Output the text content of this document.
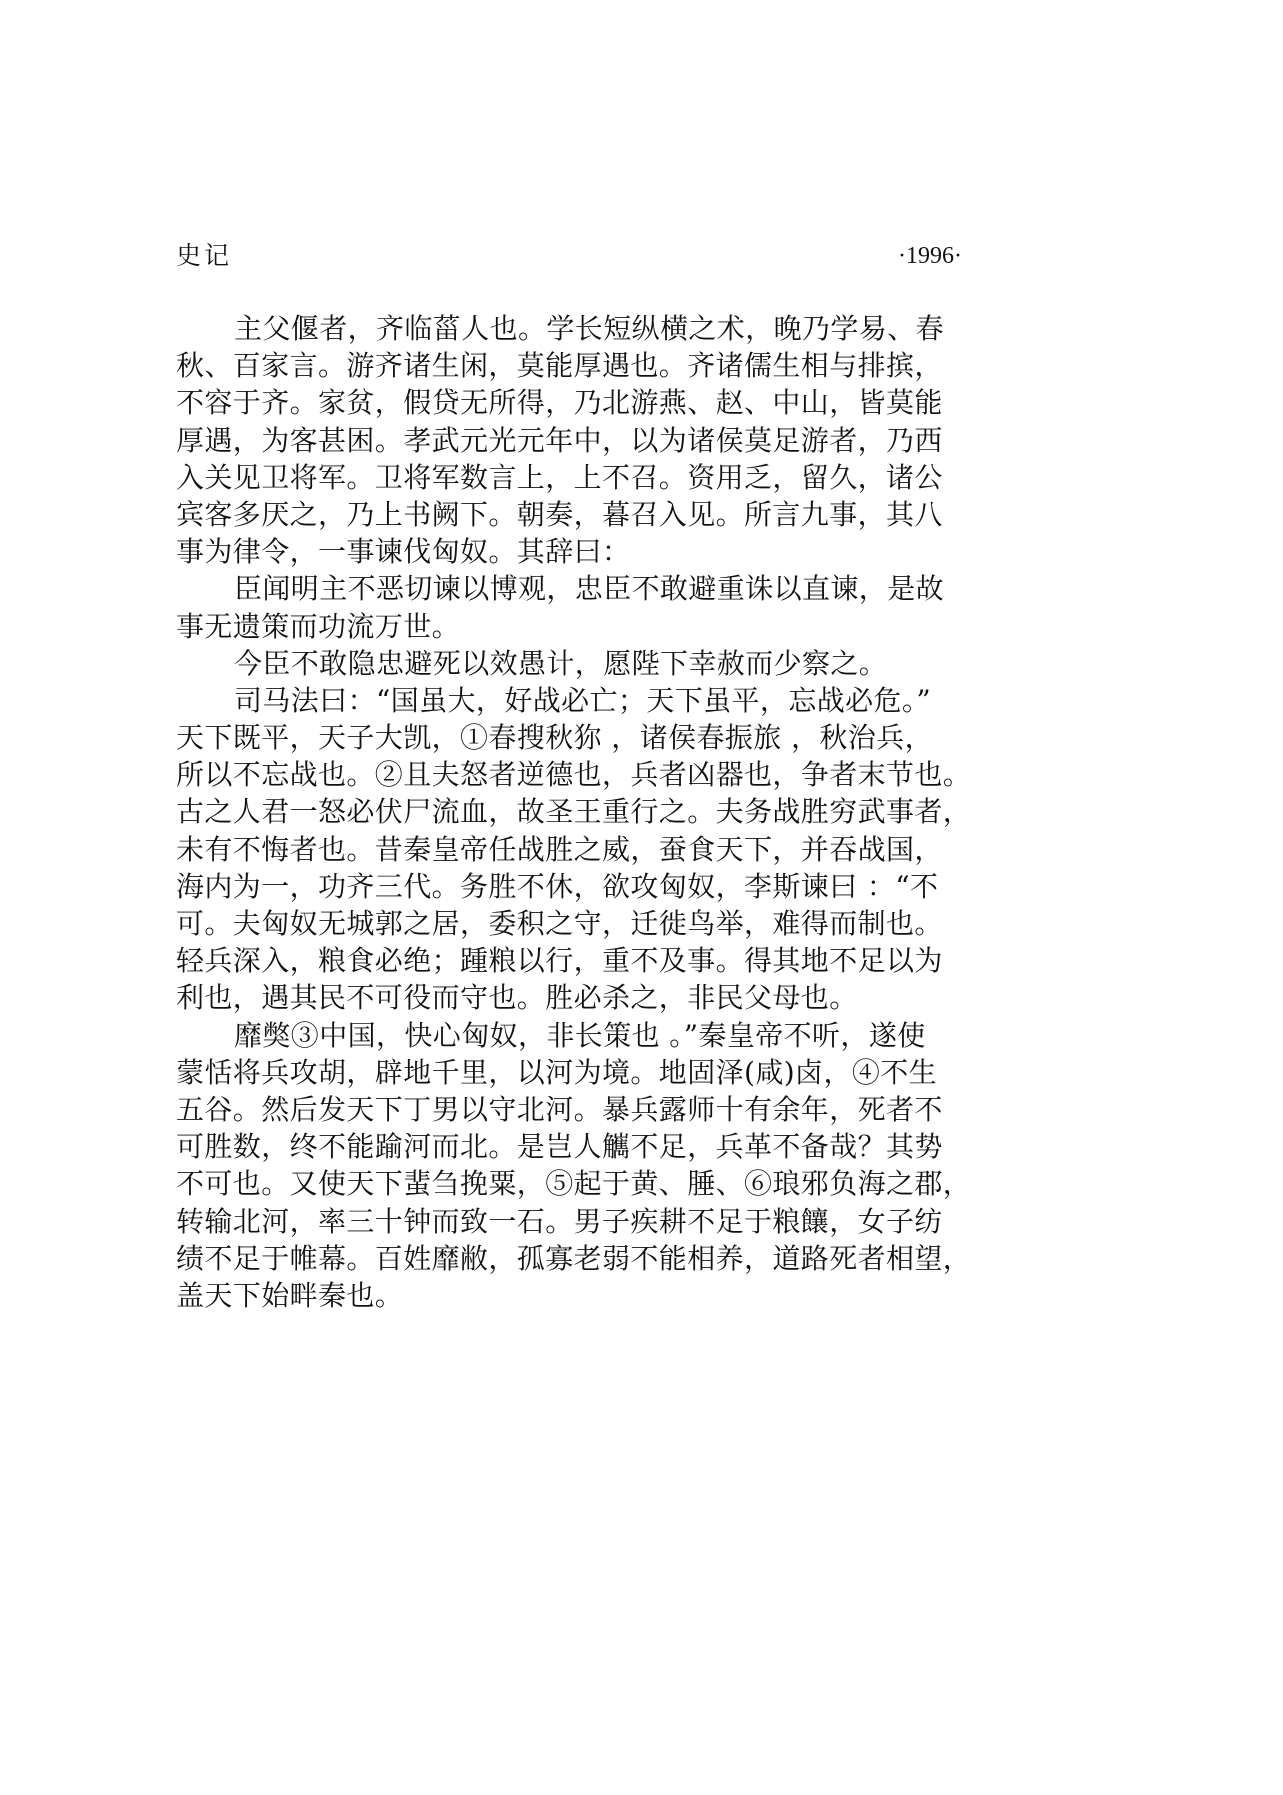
史记	·1996·
主父偃者，齐临菑人也。学长短纵横之术，晚乃学易、春
秋、百家言。游齐诸生闲，莫能厚遇也。齐诸儒生相与排摈，
不容于齐。家贫，假贷无所得，乃北游燕、赵、中山，皆莫能
厚遇，为客甚困。孝武元光元年中，以为诸侯莫足游者，乃西
入关见卫将军。卫将军数言上，上不召。资用乏，留久，诸公
宾客多厌之，乃上书阙下。朝奏，暮召入见。所言九事，其八
事为律令，一事谏伐匈奴。其辞曰：
臣闻明主不恶切谏以博观，忠臣不敢避重诛以直谏，是故
事无遗策而功流万世。
今臣不敢隐忠避死以效愚计，愿陛下幸赦而少察之。
司马法曰：“国虽大，好战必亡；天下虽平，忘战必危。”
天下既平，天子大凯，①春搜秋狝 ，诸侯春振旅 ，秋治兵，
所以不忘战也。②且夫怒者逆德也，兵者凶器也，争者末节也。
古之人君一怒必伏尸流血，故圣王重行之。夫务战胜穷武事者，
未有不悔者也。昔秦皇帝任战胜之威，蚕食天下，并吞战国，
海内为一，功齐三代。务胜不休，欲攻匈奴，李斯谏曰 ：“不
可。夫匈奴无城郭之居，委积之守，迁徙鸟举，难得而制也。
轻兵深入，粮食必绝；踵粮以行，重不及事。得其地不足以为
利也，遇其民不可役而守也。胜必杀之，非民父母也。
靡獘③中国，快心匈奴，非长策也 。”秦皇帝不听，遂使
蒙恬将兵攻胡，辟地千里，以河为境。地固泽(咸)卤，④不生
五谷。然后发天下丁男以守北河。暴兵露师十有余年，死者不
可胜数，终不能踰河而北。是岂人觽不足，兵革不备哉？其势
不可也。又使天下蜚刍挽粟，⑤起于黄、腄、⑥琅邪负海之郡，
转输北河，率三十钟而致一石。男子疾耕不足于粮饟，女子纺
绩不足于帷幕。百姓靡敝，孤寡老弱不能相养，道路死者相望，
盖天下始畔秦也。
